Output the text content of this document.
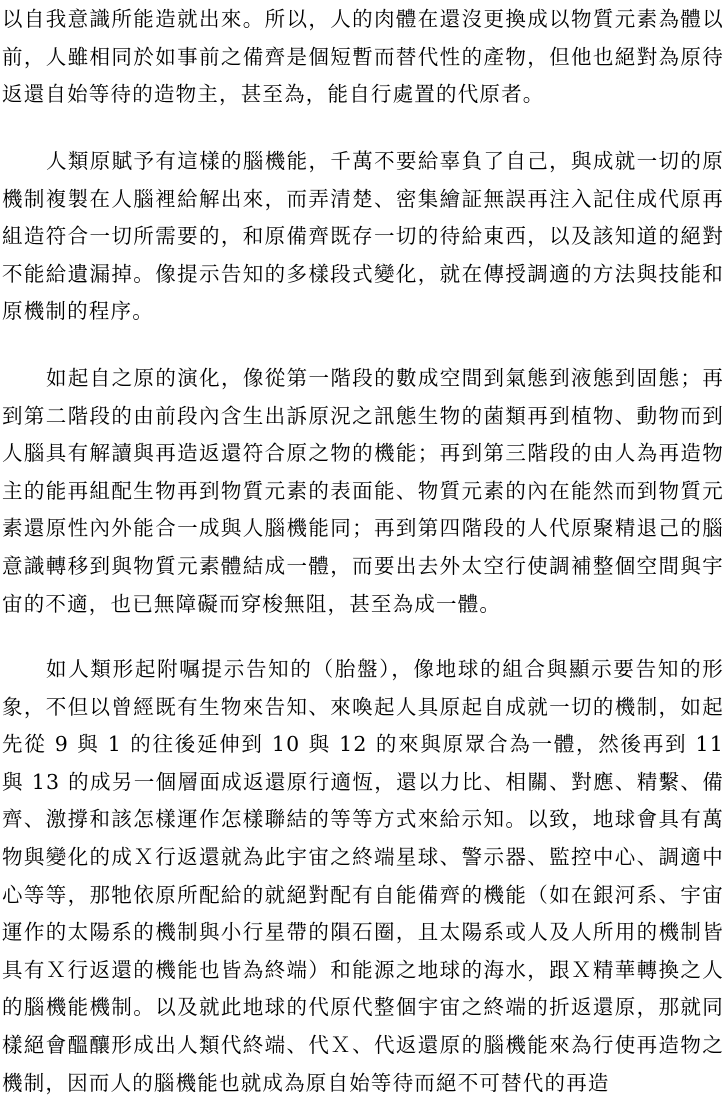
以自我意識所能造就出來。所以，人的肉體在還沒更換成以物質元素為體以前，人雖相同於如事前之備齊是個短暫而替代性的產物，但他也絕對為原待返還自始等待的造物主，甚至為，能自行處置的代原者。

人類原賦予有這樣的腦機能，千萬不要給辜負了自己，與成就一切的原機制複製在人腦裡給解出來，而弄清楚、密集繪証無誤再注入記住成代原再組造符合一切所需要的，和原備齊既存一切的待給東西，以及該知道的絕對不能給遺漏掉。像提示告知的多樣段式變化，就在傳授調適的方法與技能和原機制的程序。

如起自之原的演化，像從第一階段的數成空間到氣態到液態到固態；再到第二階段的由前段內含生出訴原況之訊態生物的菌類再到植物、動物而到人腦具有解讀與再造返還符合原之物的機能；再到第三階段的由人為再造物主的能再組配生物再到物質元素的表面能、物質元素的內在能然而到物質元素還原性內外能合一成與人腦機能同；再到第四階段的人代原聚精退己的腦意識轉移到與物質元素體結成一體，而要出去外太空行使調補整個空間與宇宙的不適，也已無障礙而穿梭無阻，甚至為成一體。

如人類形起附嘱提示告知的（胎盤），像地球的組合與顯示要告知的形象，不但以曾經既有生物來告知、來喚起人具原起自成就一切的機制，如起先從 9 與 1 的往後延伸到 10 與 12 的來與原眾合為一體，然後再到 11 與 13 的成另一個層面成返還原行適恆，還以力比、相關、對應、精繫、備齊、激撐和該怎樣運作怎樣聯結的等等方式來給示知。以致，地球會具有萬物與變化的成Ｘ行返還就為此宇宙之終端星球、警示器、監控中心、調適中心等等，那牠依原所配給的就絕對配有自能備齊的機能（如在銀河系、宇宙運作的太陽系的機制與小行星帶的隕石圈，且太陽系或人及人所用的機制皆具有Ｘ行返還的機能也皆為終端）和能源之地球的海水，跟Ｘ精華轉換之人的腦機能機制。以及就此地球的代原代整個宇宙之終端的折返還原，那就同樣絕會醞釀形成出人類代終端、代Ｘ、代返還原的腦機能來為行使再造物之機制，因而人的腦機能也就成為原自始等待而絕不可替代的再造
